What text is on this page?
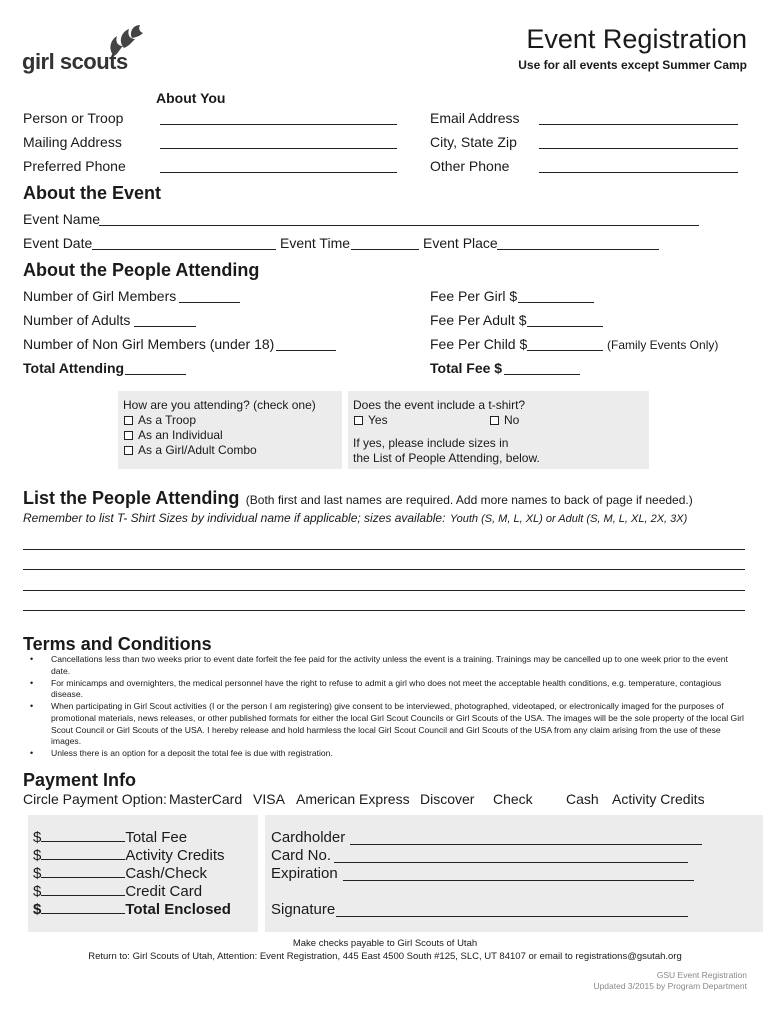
girl scouts
Event Registration
Use for all events except Summer Camp
About You
Person or Troop	Email Address
Mailing Address	City, State Zip
Preferred Phone	Other Phone
About the Event
Event Name
Event Date	Event Time	Event Place
About the People Attending
Number of Girl Members	Fee Per Girl $
Number of Adults	Fee Per Adult $
Number of Non Girl Members (under 18)	Fee Per Child $	(Family Events Only)
Total Attending	Total Fee $
How are you attending? (check one)
As a Troop
As an Individual
As a Girl/Adult Combo
Does the event include a t-shirt?
Yes	No
If yes, please include sizes in
the List of People Attending, below.
List the People Attending (Both first and last names are required. Add more names to back of page if needed.)
Remember to list T- Shirt Sizes by individual name if applicable; sizes available: Youth (S, M, L, XL) or Adult (S, M, L, XL, 2X, 3X)
Terms and Conditions
• Cancellations less than two weeks prior to event date forfeit the fee paid for the activity unless the event is a training. Trainings may be cancelled up to one week prior to the event date.
• For minicamps and overnighters, the medical personnel have the right to refuse to admit a girl who does not meet the acceptable health conditions, e.g. temperature, contagious disease.
• When participating in Girl Scout activities (I or the person I am registering) give consent to be interviewed, photographed, videotaped, or electronically imaged for the purposes of promotional materials, news releases, or other published formats for either the local Girl Scout Councils or Girl Scouts of the USA. The images will be the sole property of the local Girl Scout Council or Girl Scouts of the USA. I hereby release and hold harmless the local Girl Scout Council and Girl Scouts of the USA from any claim arising from the use of these images.
• Unless there is an option for a deposit the total fee is due with registration.
Payment Info
Circle Payment Option: MasterCard VISA American Express Discover Check Cash Activity Credits
$	Total Fee
$	Activity Credits
$	Cash/Check
$	Credit Card
$	Total Enclosed
Cardholder
Card No.
Expiration
Signature
Make checks payable to Girl Scouts of Utah
Return to: Girl Scouts of Utah, Attention: Event Registration, 445 East 4500 South #125, SLC, UT 84107 or email to registrations@gsutah.org
GSU Event Registration
Updated 3/2015 by Program Department
